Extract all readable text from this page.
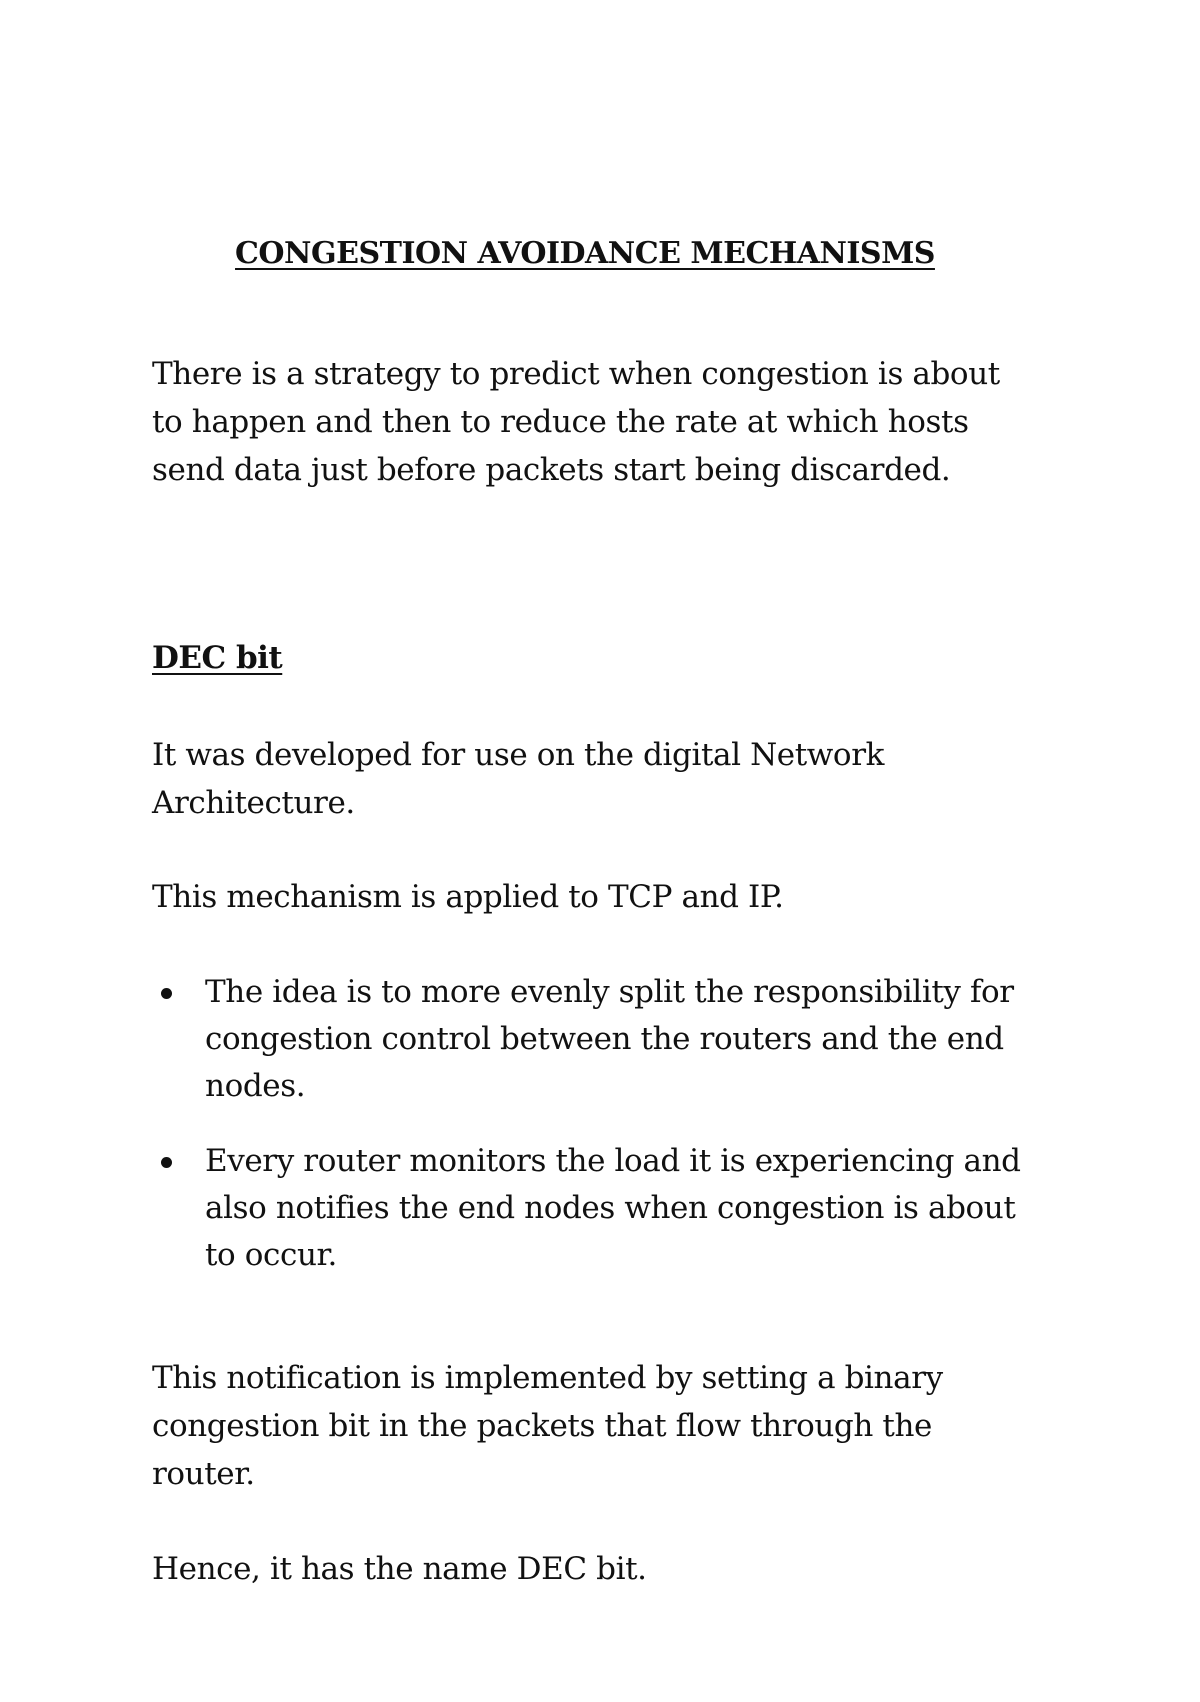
CONGESTION AVOIDANCE MECHANISMS

There is a strategy to predict when congestion is about to happen and then to reduce the rate at which hosts send data just before packets start being discarded.

DEC bit

It was developed for use on the digital Network Architecture.

This mechanism is applied to TCP and IP.

The idea is to more evenly split the responsibility for congestion control between the routers and the end nodes.
Every router monitors the load it is experiencing and also notifies the end nodes when congestion is about to occur.

This notification is implemented by setting a binary congestion bit in the packets that flow through the router.

Hence, it has the name DEC bit.
